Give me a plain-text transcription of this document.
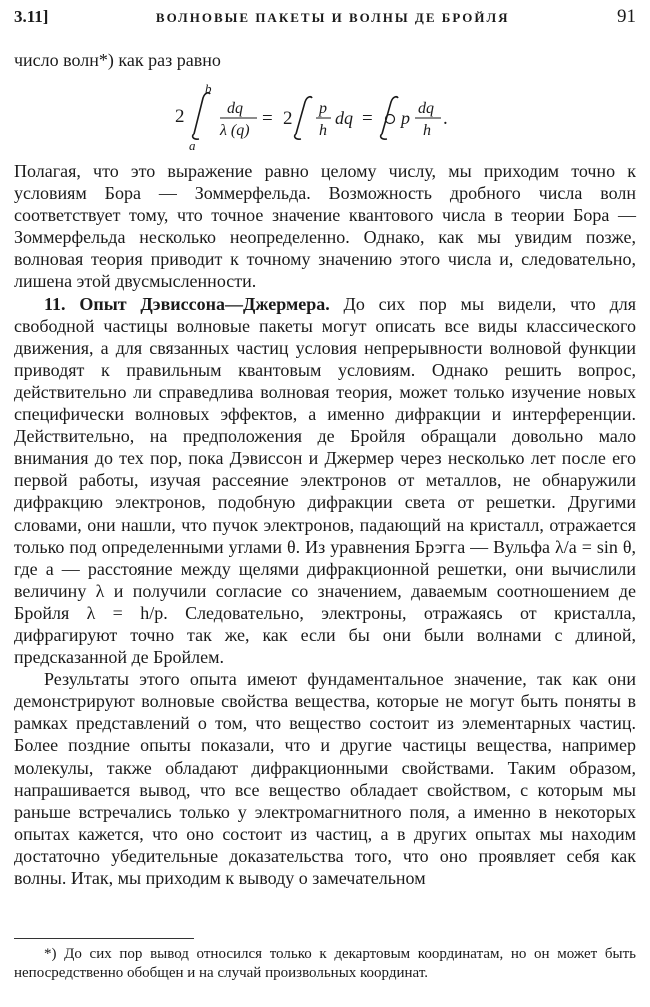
3.11]	ВОЛНОВЫЕ ПАКЕТЫ И ВОЛНЫ ДЕ БРОЙЛЯ	91
число волн*) как раз равно
2
b
a
dq
λ (q)
= 2 p
h
dq = p dq
h
.

Полагая, что это выражение равно целому числу, мы приходим точно к условиям Бора — Зоммерфельда. Возможность дробного числа волн соответствует тому, что точное значение квантового числа в теории Бора — Зоммерфельда несколько неопределенно. Однако, как мы увидим позже, волновая теория приводит к точному значению этого числа и, следовательно, лишена этой двусмысленности.

11. Опыт Дэвиссона—Джермера. До сих пор мы видели, что для свободной частицы волновые пакеты могут описать все виды классического движения, а для связанных частиц условия непрерывности волновой функции приводят к правильным квантовым условиям. Однако решить вопрос, действительно ли справедлива волновая теория, может только изучение новых специфически волновых эффектов, а именно дифракции и интерференции. Действительно, на предположения де Бройля обращали довольно мало внимания до тех пор, пока Дэвиссон и Джермер через несколько лет после его первой работы, изучая рассеяние электронов от металлов, не обнаружили дифракцию электронов, подобную дифракции света от решетки. Другими словами, они нашли, что пучок электронов, падающий на кристалл, отражается только под определенными углами θ. Из уравнения Брэгга — Вульфа λ/a = sin θ, где a — расстояние между щелями дифракционной решетки, они вычислили величину λ и получили согласие со значением, даваемым соотношением де Бройля λ = h/p. Следовательно, электроны, отражаясь от кристалла, дифрагируют точно так же, как если бы они были волнами с длиной, предсказанной де Бройлем.

Результаты этого опыта имеют фундаментальное значение, так как они демонстрируют волновые свойства вещества, которые не могут быть поняты в рамках представлений о том, что вещество состоит из элементарных частиц. Более поздние опыты показали, что и другие частицы вещества, например молекулы, также обладают дифракционными свойствами. Таким образом, напрашивается вывод, что все вещество обладает свойством, с которым мы раньше встречались только у электромагнитного поля, а именно в некоторых опытах кажется, что оно состоит из частиц, а в других опытах мы находим достаточно убедительные доказательства того, что оно проявляет себя как волны. Итак, мы приходим к выводу о замечательном

*) До сих пор вывод относился только к декартовым координатам, но он может быть непосредственно обобщен и на случай произвольных координат.
